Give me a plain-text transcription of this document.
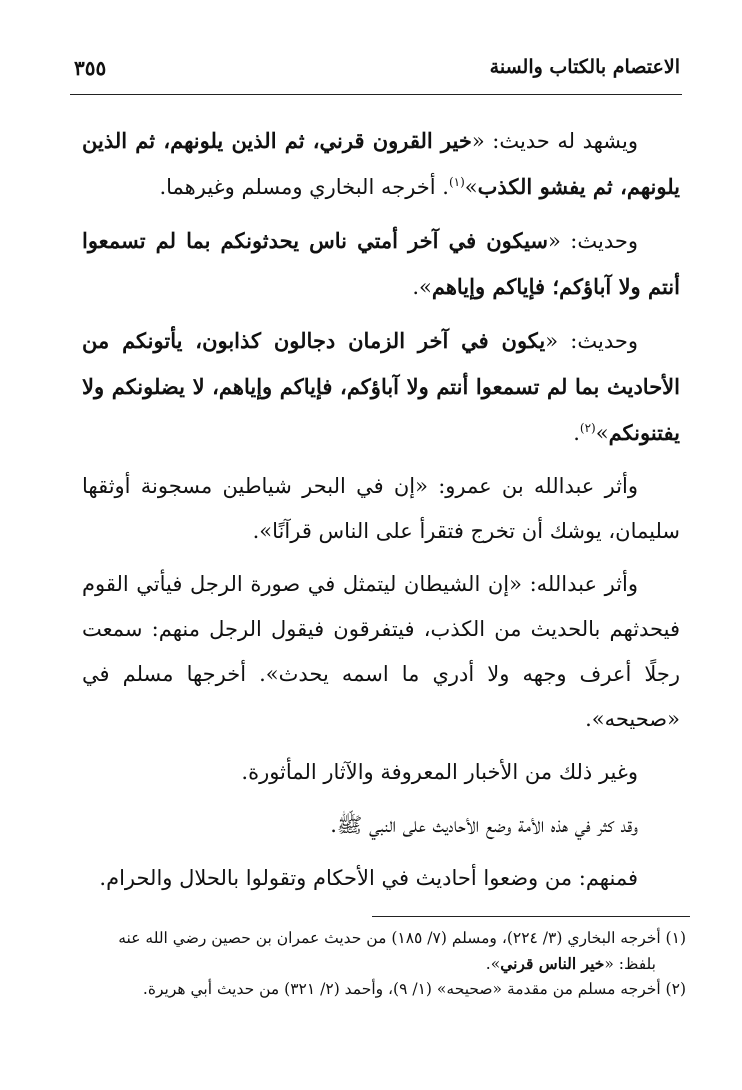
الاعتصام بالكتاب والسنة
٣٥٥

ويشهد له حديث: «خير القرون قرني، ثم الذين يلونهم، ثم الذين يلونهم، ثم يفشو الكذب»$^{(١)}$. أخرجه البخاري ومسلم وغيرهما.

وحديث: «سيكون في آخر أمتي ناس يحدثونكم بما لم تسمعوا أنتم ولا آباؤكم؛ فإياكم وإياهم».

وحديث: «يكون في آخر الزمان دجالون كذابون، يأتونكم من الأحاديث بما لم تسمعوا أنتم ولا آباؤكم، فإياكم وإياهم، لا يضلونكم ولا يفتنونكم»$^{(٢)}$.

وأثر عبدالله بن عمرو: «إن في البحر شياطين مسجونة أوثقها سليمان، يوشك أن تخرج فتقرأ على الناس قرآنًا».

وأثر عبدالله: «إن الشيطان ليتمثل في صورة الرجل فيأتي القوم فيحدثهم بالحديث من الكذب، فيتفرقون فيقول الرجل منهم: سمعت رجلًا أعرف وجهه ولا أدري ما اسمه يحدث». أخرجها مسلم في «صحيحه».

وغير ذلك من الأخبار المعروفة والآثار المأثورة.

وقد كثر في هذه الأمة وضع الأحاديث على النبي ﷺ.

فمنهم: من وضعوا أحاديث في الأحكام وتقولوا بالحلال والحرام.

(١) أخرجه البخاري (٣/ ٢٢٤)، ومسلم (٧/ ١٨٥) من حديث عمران بن حصين رضي الله عنه
بلفظ: «خير الناس قرني».

(٢) أخرجه مسلم من مقدمة «صحيحه» (١/ ٩)، وأحمد (٢/ ٣٢١) من حديث أبي هريرة.
